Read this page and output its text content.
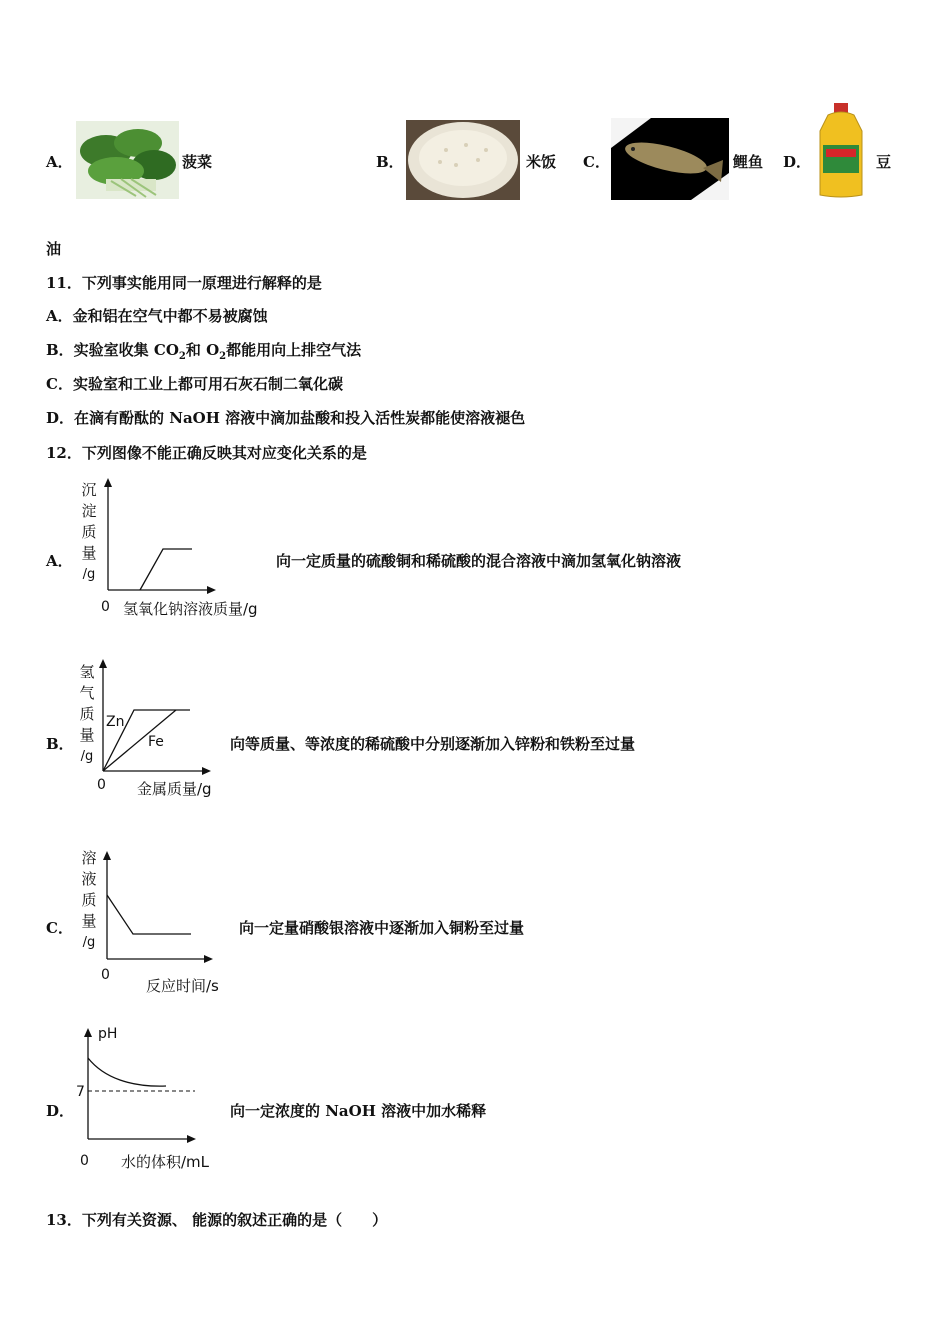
A．	菠菜	B．	米饭 C．	鲤鱼 D．	豆
油
11．下列事实能用同一原理进行解释的是
A．金和铝在空气中都不易被腐蚀
B．实验室收集 $CO_2$和 $O_2$都能用向上排空气法
C．实验室和工业上都可用石灰石制二氧化碳
D．在滴有酚酞的 NaOH 溶液中滴加盐酸和投入活性炭都能使溶液褪色
12．下列图像不能正确反映其对应变化关系的是
A．
沉
淀
质
量
/g
0 氢氧化钠溶液质量/g
向一定质量的硫酸铜和稀硫酸的混合溶液中滴加氢氧化钠溶液
B．
氢
气
质
量
/g
Zn
Fe
0 金属质量/g
向等质量、等浓度的稀硫酸中分别逐渐加入锌粉和铁粉至过量
C．
溶
液
质
量
/g
0
反应时间/s
向一定量硝酸银溶液中逐渐加入铜粉至过量
D．
pH
7
0 水的体积/mL
向一定浓度的 NaOH 溶液中加水稀释
13．下列有关资源、 能源的叙述正确的是（　　）
